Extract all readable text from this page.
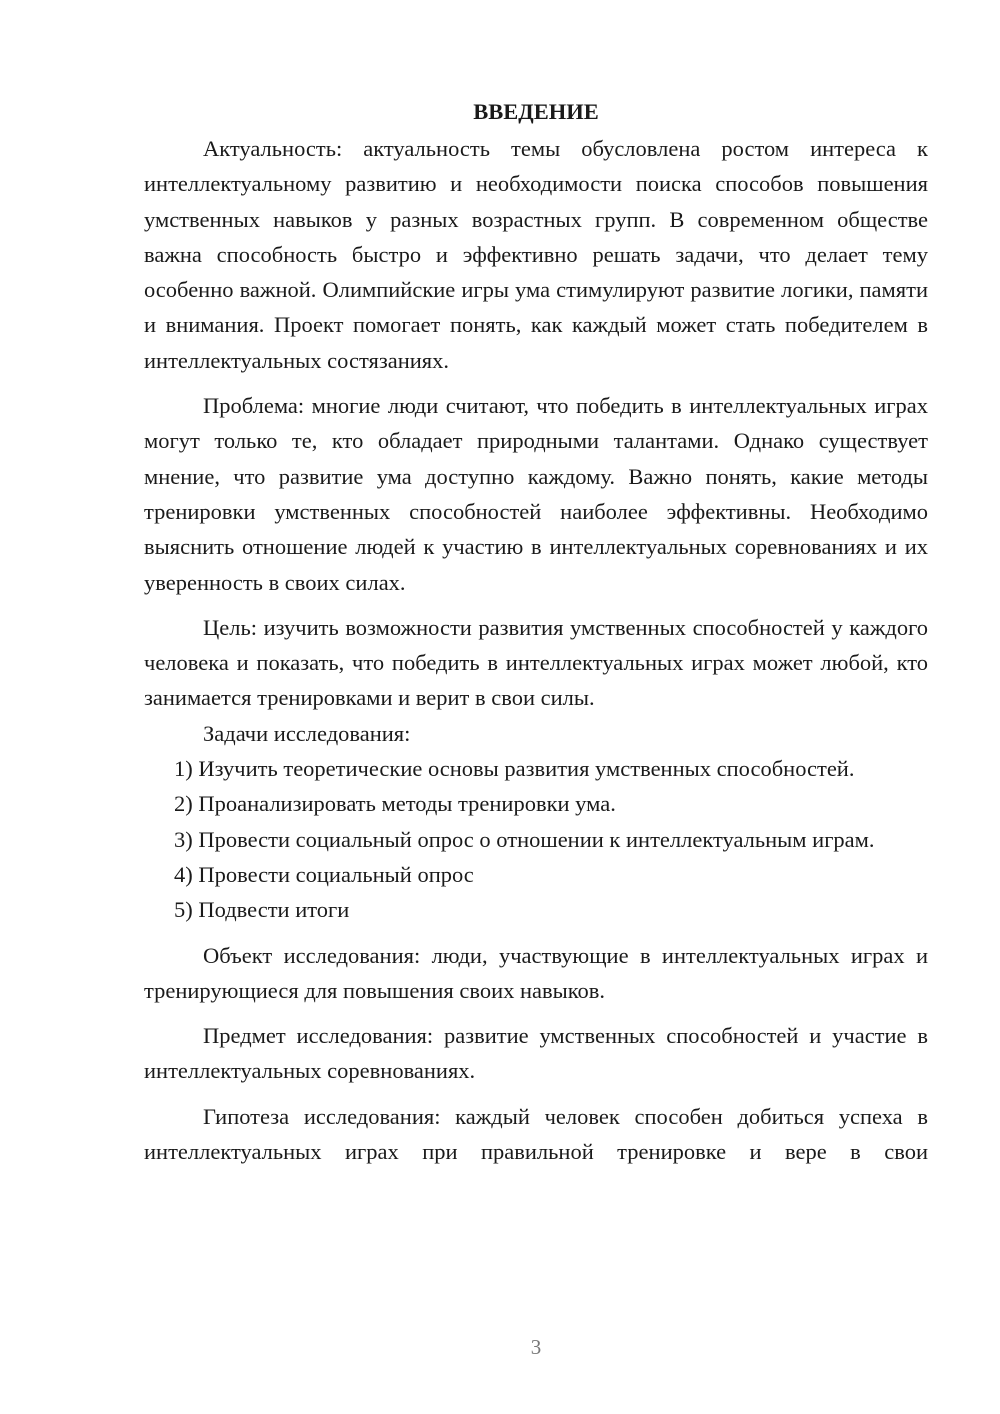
ВВЕДЕНИЕ

Актуальность: актуальность темы обусловлена ростом интереса к интеллектуальному развитию и необходимости поиска способов повышения умственных навыков у разных возрастных групп. В современном обществе важна способность быстро и эффективно решать задачи, что делает тему особенно важной. Олимпийские игры ума стимулируют развитие логики, памяти и внимания. Проект помогает понять, как каждый может стать победителем в интеллектуальных состязаниях.

Проблема: многие люди считают, что победить в интеллектуальных играх могут только те, кто обладает природными талантами. Однако существует мнение, что развитие ума доступно каждому. Важно понять, какие методы тренировки умственных способностей наиболее эффективны. Необходимо выяснить отношение людей к участию в интеллектуальных соревнованиях и их уверенность в своих силах.

Цель: изучить возможности развития умственных способностей у каждого человека и показать, что победить в интеллектуальных играх может любой, кто занимается тренировками и верит в свои силы.

Задачи исследования:

1) Изучить теоретические основы развития умственных способностей.

2) Проанализировать методы тренировки ума.

3) Провести социальный опрос о отношении к интеллектуальным играм.

4) Провести социальный опрос

5) Подвести итоги

Объект исследования: люди, участвующие в интеллектуальных играх и тренирующиеся для повышения своих навыков.

Предмет исследования: развитие умственных способностей и участие в интеллектуальных соревнованиях.

Гипотеза исследования: каждый человек способен добиться успеха в интеллектуальных играх при правильной тренировке и вере в свои

3
